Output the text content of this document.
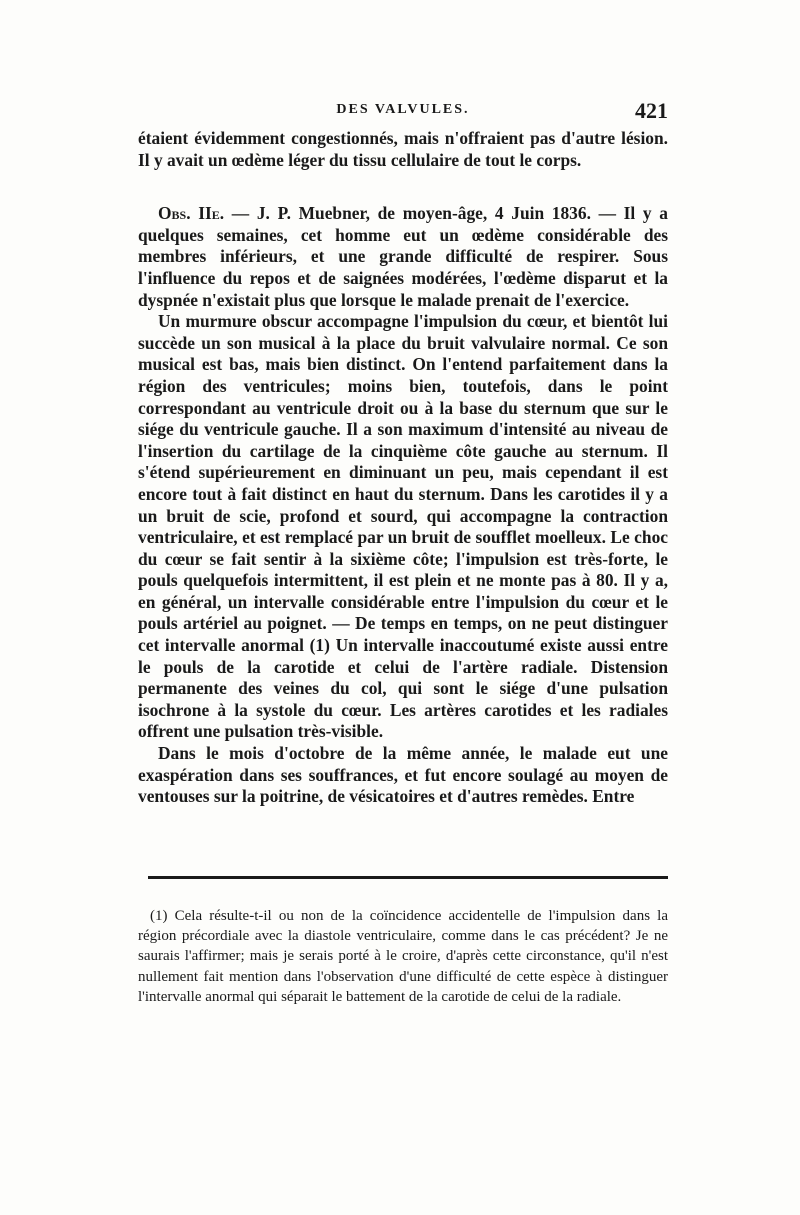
DES VALVULES.	421

étaient évidemment congestionnés, mais n'offraient pas d'autre lésion. Il y avait un œdème léger du tissu cellulaire de tout le corps.

Obs. IIe. — J. P. Muebner, de moyen-âge, 4 Juin 1836. — Il y a quelques semaines, cet homme eut un œdème considérable des membres inférieurs, et une grande difficulté de respirer. Sous l'influence du repos et de saignées modérées, l'œdème disparut et la dyspnée n'existait plus que lorsque le malade prenait de l'exercice.

Un murmure obscur accompagne l'impulsion du cœur, et bientôt lui succède un son musical à la place du bruit valvulaire normal. Ce son musical est bas, mais bien distinct. On l'entend parfaitement dans la région des ventricules; moins bien, toutefois, dans le point correspondant au ventricule droit ou à la base du sternum que sur le siége du ventricule gauche. Il a son maximum d'intensité au niveau de l'insertion du cartilage de la cinquième côte gauche au sternum. Il s'étend supérieurement en diminuant un peu, mais cependant il est encore tout à fait distinct en haut du sternum. Dans les carotides il y a un bruit de scie, profond et sourd, qui accompagne la contraction ventriculaire, et est remplacé par un bruit de soufflet moelleux. Le choc du cœur se fait sentir à la sixième côte; l'impulsion est très-forte, le pouls quelquefois intermittent, il est plein et ne monte pas à 80. Il y a, en général, un intervalle considérable entre l'impulsion du cœur et le pouls artériel au poignet. — De temps en temps, on ne peut distinguer cet intervalle anormal (1) Un intervalle inaccoutumé existe aussi entre le pouls de la carotide et celui de l'artère radiale. Distension permanente des veines du col, qui sont le siége d'une pulsation isochrone à la systole du cœur. Les artères carotides et les radiales offrent une pulsation très-visible.

Dans le mois d'octobre de la même année, le malade eut une exaspération dans ses souffrances, et fut encore soulagé au moyen de ventouses sur la poitrine, de vésicatoires et d'autres remèdes. Entre

(1) Cela résulte-t-il ou non de la coïncidence accidentelle de l'impulsion dans la région précordiale avec la diastole ventriculaire, comme dans le cas précédent? Je ne saurais l'affirmer; mais je serais porté à le croire, d'après cette circonstance, qu'il n'est nullement fait mention dans l'observation d'une difficulté de cette espèce à distinguer l'intervalle anormal qui séparait le battement de la carotide de celui de la radiale.
